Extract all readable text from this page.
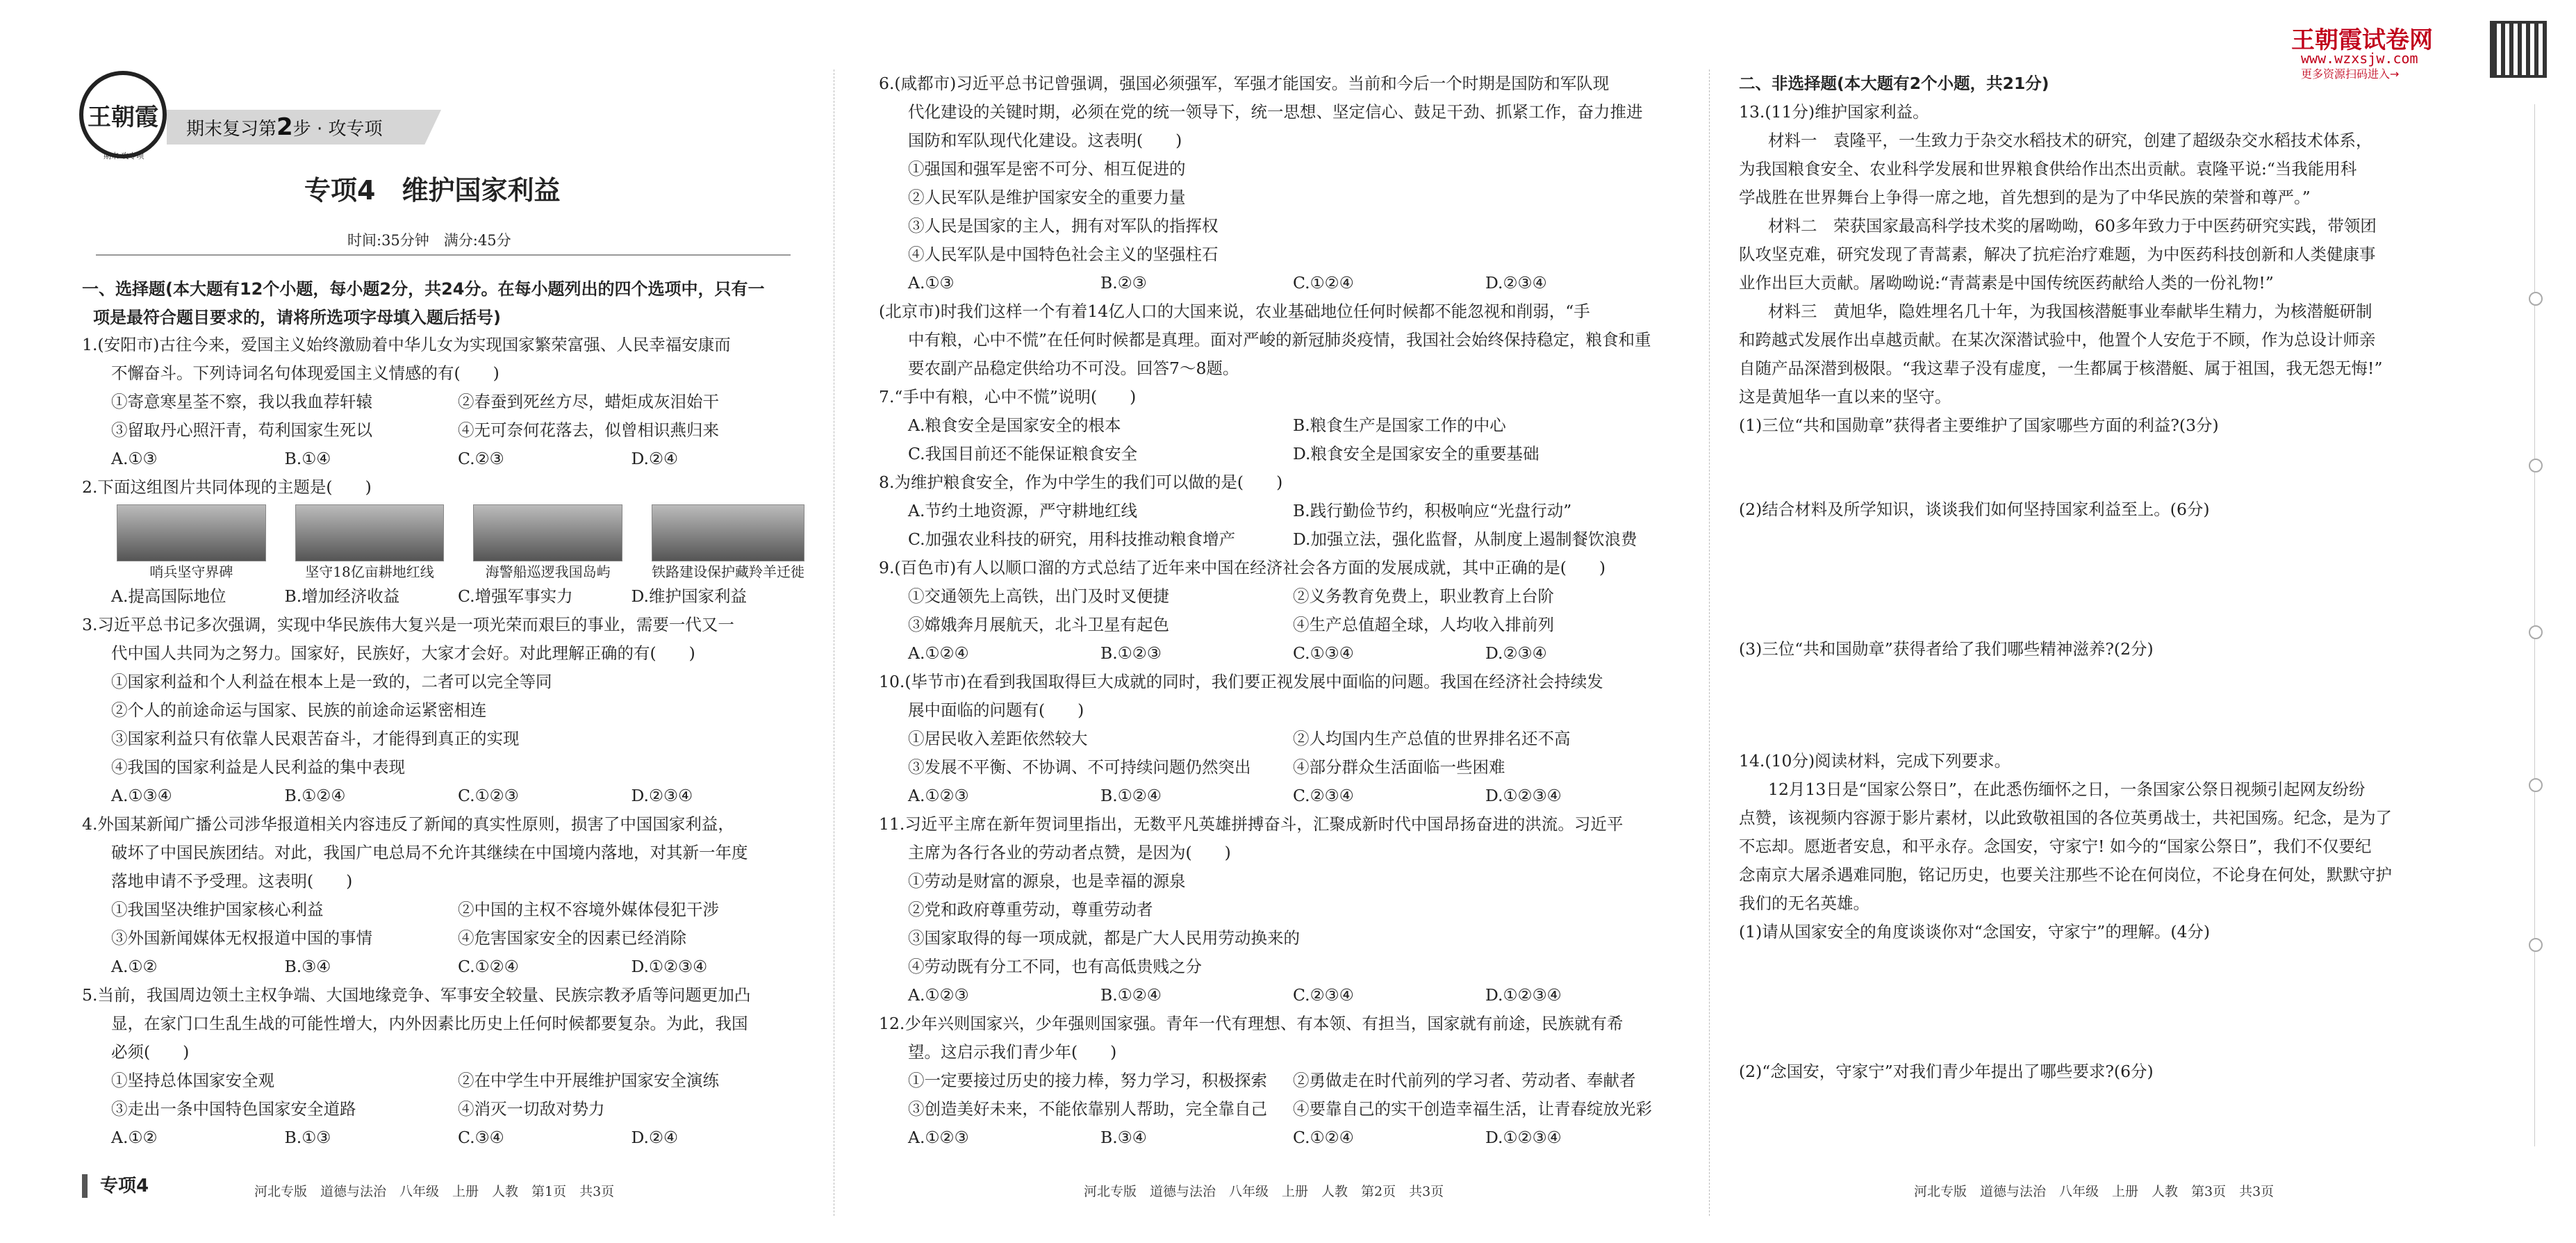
王朝霞试卷网
www.wzxsjw.com
更多资源扫码进入→
王朝霞
期末 攻专项
期末复习第2步 · 攻专项
专项4　维护国家利益
时间:35分钟　满分:45分
一、选择题(本大题有12个小题，每小题2分，共24分。在每小题列出的四个选项中，只有一
项是最符合题目要求的，请将所选项字母填入题后括号)
1.(安阳市)古往今来，爱国主义始终激励着中华儿女为实现国家繁荣富强、人民幸福安康而
不懈奋斗。下列诗词名句体现爱国主义情感的有(　　)
①寄意寒星荃不察，我以我血荐轩辕	②春蚕到死丝方尽，蜡炬成灰泪始干
③留取丹心照汗青，苟利国家生死以	④无可奈何花落去，似曾相识燕归来
A.①③	B.①④	C.②③	D.②④
2.下面这组图片共同体现的主题是(　　)
哨兵坚守界碑	坚守18亿亩耕地红线	海警船巡逻我国岛屿	铁路建设保护藏羚羊迁徙
A.提高国际地位	B.增加经济收益	C.增强军事实力	D.维护国家利益
3.习近平总书记多次强调，实现中华民族伟大复兴是一项光荣而艰巨的事业，需要一代又一
代中国人共同为之努力。国家好，民族好，大家才会好。对此理解正确的有(　　)
①国家利益和个人利益在根本上是一致的，二者可以完全等同
②个人的前途命运与国家、民族的前途命运紧密相连
③国家利益只有依靠人民艰苦奋斗，才能得到真正的实现
④我国的国家利益是人民利益的集中表现
A.①③④	B.①②④	C.①②③	D.②③④
4.外国某新闻广播公司涉华报道相关内容违反了新闻的真实性原则，损害了中国国家利益，
破坏了中国民族团结。对此，我国广电总局不允许其继续在中国境内落地，对其新一年度
落地申请不予受理。这表明(　　)
①我国坚决维护国家核心利益	②中国的主权不容境外媒体侵犯干涉
③外国新闻媒体无权报道中国的事情	④危害国家安全的因素已经消除
A.①②	B.③④	C.①②④	D.①②③④
5.当前，我国周边领土主权争端、大国地缘竞争、军事安全较量、民族宗教矛盾等问题更加凸
显，在家门口生乱生战的可能性增大，内外因素比历史上任何时候都要复杂。为此，我国
必须(　　)
①坚持总体国家安全观	②在中学生中开展维护国家安全演练
③走出一条中国特色国家安全道路	④消灭一切敌对势力
A.①②	B.①③	C.③④	D.②④
6.(咸都市)习近平总书记曾强调，强国必须强军，军强才能国安。当前和今后一个时期是国防和军队现
代化建设的关键时期，必须在党的统一领导下，统一思想、坚定信心、鼓足干劲、抓紧工作，奋力推进
国防和军队现代化建设。这表明(　　)
①强国和强军是密不可分、相互促进的
②人民军队是维护国家安全的重要力量
③人民是国家的主人，拥有对军队的指挥权
④人民军队是中国特色社会主义的坚强柱石
A.①③	B.②③	C.①②④	D.②③④
(北京市)时我们这样一个有着14亿人口的大国来说，农业基础地位任何时候都不能忽视和削弱，“手
中有粮，心中不慌”在任何时候都是真理。面对严峻的新冠肺炎疫情，我国社会始终保持稳定，粮食和重
要农副产品稳定供给功不可没。回答7～8题。
7.“手中有粮，心中不慌”说明(　　)
A.粮食安全是国家安全的根本	B.粮食生产是国家工作的中心
C.我国目前还不能保证粮食安全	D.粮食安全是国家安全的重要基础
8.为维护粮食安全，作为中学生的我们可以做的是(　　)
A.节约土地资源，严守耕地红线	B.践行勤俭节约，积极响应“光盘行动”
C.加强农业科技的研究，用科技推动粮食增产	D.加强立法，强化监督，从制度上遏制餐饮浪费
9.(百色市)有人以顺口溜的方式总结了近年来中国在经济社会各方面的发展成就，其中正确的是(　　)
①交通领先上高铁，出门及时叉便捷	②义务教育免费上，职业教育上台阶
③嫦娥奔月展航天，北斗卫星有起色	④生产总值超全球，人均收入排前列
A.①②④	B.①②③	C.①③④	D.②③④
10.(毕节市)在看到我国取得巨大成就的同时，我们要正视发展中面临的问题。我国在经济社会持续发
展中面临的问题有(　　)
①居民收入差距依然较大	②人均国内生产总值的世界排名还不高
③发展不平衡、不协调、不可持续问题仍然突出	④部分群众生活面临一些困难
A.①②③	B.①②④	C.②③④	D.①②③④
11.习近平主席在新年贺词里指出，无数平凡英雄拼搏奋斗，汇聚成新时代中国昂扬奋进的洪流。习近平
主席为各行各业的劳动者点赞，是因为(　　)
①劳动是财富的源泉，也是幸福的源泉
②党和政府尊重劳动，尊重劳动者
③国家取得的每一项成就，都是广大人民用劳动换来的
④劳动既有分工不同，也有高低贵贱之分
A.①②③	B.①②④	C.②③④	D.①②③④
12.少年兴则国家兴，少年强则国家强。青年一代有理想、有本领、有担当，国家就有前途，民族就有希
望。这启示我们青少年(　　)
①一定要接过历史的接力棒，努力学习，积极探索	②勇做走在时代前列的学习者、劳动者、奉献者
③创造美好未来，不能依靠别人帮助，完全靠自己	④要靠自己的实干创造幸福生活，让青春绽放光彩
A.①②③	B.③④	C.①②④	D.①②③④
二、非选择题(本大题有2个小题，共21分)
13.(11分)维护国家利益。
材料一　袁隆平，一生致力于杂交水稻技术的研究，创建了超级杂交水稻技术体系，
为我国粮食安全、农业科学发展和世界粮食供给作出杰出贡献。袁隆平说:“当我能用科
学战胜在世界舞台上争得一席之地，首先想到的是为了中华民族的荣誉和尊严。”
材料二　荣获国家最高科学技术奖的屠呦呦，60多年致力于中医药研究实践，带领团
队攻坚克难，研究发现了青蒿素，解决了抗疟治疗难题，为中医药科技创新和人类健康事
业作出巨大贡献。屠呦呦说:“青蒿素是中国传统医药献给人类的一份礼物!”
材料三　黄旭华，隐姓埋名几十年，为我国核潜艇事业奉献毕生精力，为核潜艇研制
和跨越式发展作出卓越贡献。在某次深潜试验中，他置个人安危于不顾，作为总设计师亲
自随产品深潜到极限。“我这辈子没有虚度，一生都属于核潜艇、属于祖国，我无怨无悔!”
这是黄旭华一直以来的坚守。
(1)三位“共和国勋章”获得者主要维护了国家哪些方面的利益?(3分)
(2)结合材料及所学知识，谈谈我们如何坚持国家利益至上。(6分)
(3)三位“共和国勋章”获得者给了我们哪些精神滋养?(2分)
14.(10分)阅读材料，完成下列要求。
12月13日是“国家公祭日”，在此悉伤缅怀之日，一条国家公祭日视频引起网友纷纷
点赞，该视频内容源于影片素材，以此致敬祖国的各位英勇战士，共祀国殇。纪念，是为了
不忘却。愿逝者安息，和平永存。念国安，守家宁! 如今的“国家公祭日”，我们不仅要纪
念南京大屠杀遇难同胞，铭记历史，也要关注那些不论在何岗位，不论身在何处，默默守护
我们的无名英雄。
(1)请从国家安全的角度谈谈你对“念国安，守家宁”的理解。(4分)
(2)“念国安，守家宁”对我们青少年提出了哪些要求?(6分)
专项4	河北专版　道德与法治　八年级　上册　人教　第1页　共3页	河北专版　道德与法治　八年级　上册　人教　第2页　共3页	河北专版　道德与法治　八年级　上册　人教　第3页　共3页
